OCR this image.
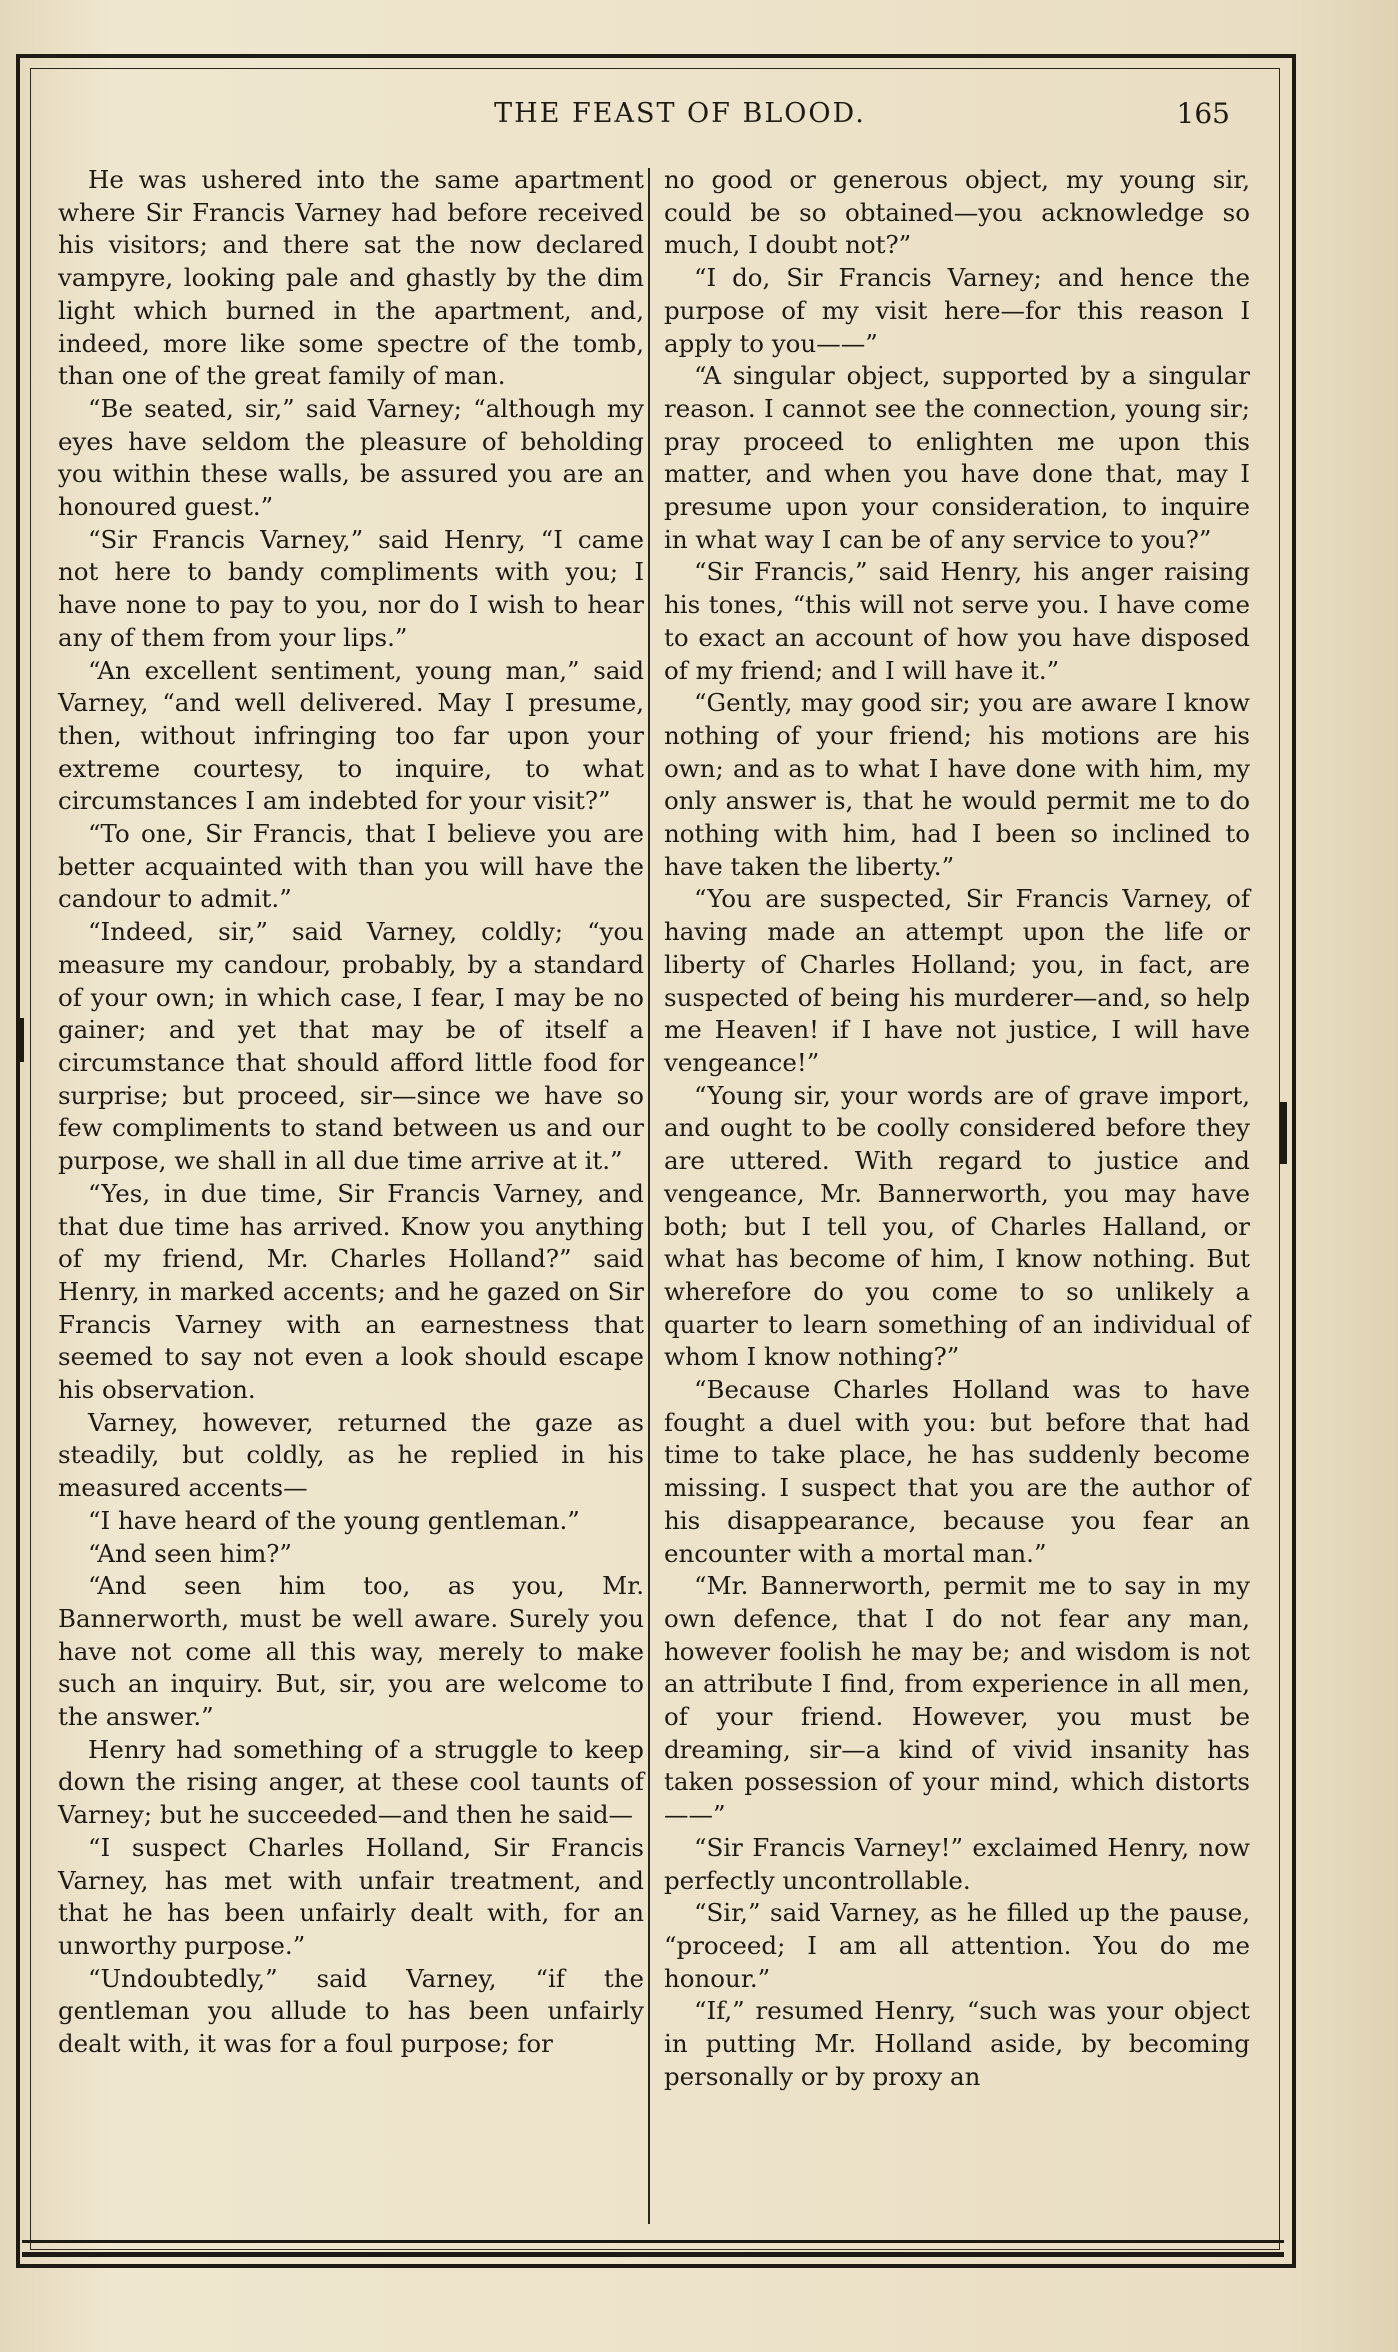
THE FEAST OF BLOOD.	165

He was ushered into the same apartment where Sir Francis Varney had before received his visitors; and there sat the now declared vampyre, looking pale and ghastly by the dim light which burned in the apartment, and, indeed, more like some spectre of the tomb, than one of the great family of man.

“Be seated, sir,” said Varney; “although my eyes have seldom the pleasure of beholding you within these walls, be assured you are an honoured guest.”

“Sir Francis Varney,” said Henry, “I came not here to bandy compliments with you; I have none to pay to you, nor do I wish to hear any of them from your lips.”

“An excellent sentiment, young man,” said Varney, “and well delivered. May I presume, then, without infringing too far upon your extreme courtesy, to inquire, to what circumstances I am indebted for your visit?”

“To one, Sir Francis, that I believe you are better acquainted with than you will have the candour to admit.”

“Indeed, sir,” said Varney, coldly; “you measure my candour, probably, by a standard of your own; in which case, I fear, I may be no gainer; and yet that may be of itself a circumstance that should afford little food for surprise; but proceed, sir—since we have so few compliments to stand between us and our purpose, we shall in all due time arrive at it.”

“Yes, in due time, Sir Francis Varney, and that due time has arrived. Know you anything of my friend, Mr. Charles Holland?” said Henry, in marked accents; and he gazed on Sir Francis Varney with an earnestness that seemed to say not even a look should escape his observation.

Varney, however, returned the gaze as steadily, but coldly, as he replied in his measured accents—

“I have heard of the young gentleman.”

“And seen him?”

“And seen him too, as you, Mr. Bannerworth, must be well aware. Surely you have not come all this way, merely to make such an inquiry. But, sir, you are welcome to the answer.”

Henry had something of a struggle to keep down the rising anger, at these cool taunts of Varney; but he succeeded—and then he said—

“I suspect Charles Holland, Sir Francis Varney, has met with unfair treatment, and that he has been unfairly dealt with, for an unworthy purpose.”

“Undoubtedly,” said Varney, “if the gentleman you allude to has been unfairly dealt with, it was for a foul purpose; for

no good or generous object, my young sir, could be so obtained—you acknowledge so much, I doubt not?”

“I do, Sir Francis Varney; and hence the purpose of my visit here—for this reason I apply to you——”

“A singular object, supported by a singular reason. I cannot see the connection, young sir; pray proceed to enlighten me upon this matter, and when you have done that, may I presume upon your consideration, to inquire in what way I can be of any service to you?”

“Sir Francis,” said Henry, his anger raising his tones, “this will not serve you. I have come to exact an account of how you have disposed of my friend; and I will have it.”

“Gently, may good sir; you are aware I know nothing of your friend; his motions are his own; and as to what I have done with him, my only answer is, that he would permit me to do nothing with him, had I been so inclined to have taken the liberty.”

“You are suspected, Sir Francis Varney, of having made an attempt upon the life or liberty of Charles Holland; you, in fact, are suspected of being his murderer—and, so help me Heaven! if I have not justice, I will have vengeance!”

“Young sir, your words are of grave import, and ought to be coolly considered before they are uttered. With regard to justice and vengeance, Mr. Bannerworth, you may have both; but I tell you, of Charles Halland, or what has become of him, I know nothing. But wherefore do you come to so unlikely a quarter to learn something of an individual of whom I know nothing?”

“Because Charles Holland was to have fought a duel with you: but before that had time to take place, he has suddenly become missing. I suspect that you are the author of his disappearance, because you fear an encounter with a mortal man.”

“Mr. Bannerworth, permit me to say in my own defence, that I do not fear any man, however foolish he may be; and wisdom is not an attribute I find, from experience in all men, of your friend. However, you must be dreaming, sir—a kind of vivid insanity has taken possession of your mind, which distorts——”

“Sir Francis Varney!” exclaimed Henry, now perfectly uncontrollable.

“Sir,” said Varney, as he filled up the pause, “proceed; I am all attention. You do me honour.”

“If,” resumed Henry, “such was your object in putting Mr. Holland aside, by becoming personally or by proxy an
